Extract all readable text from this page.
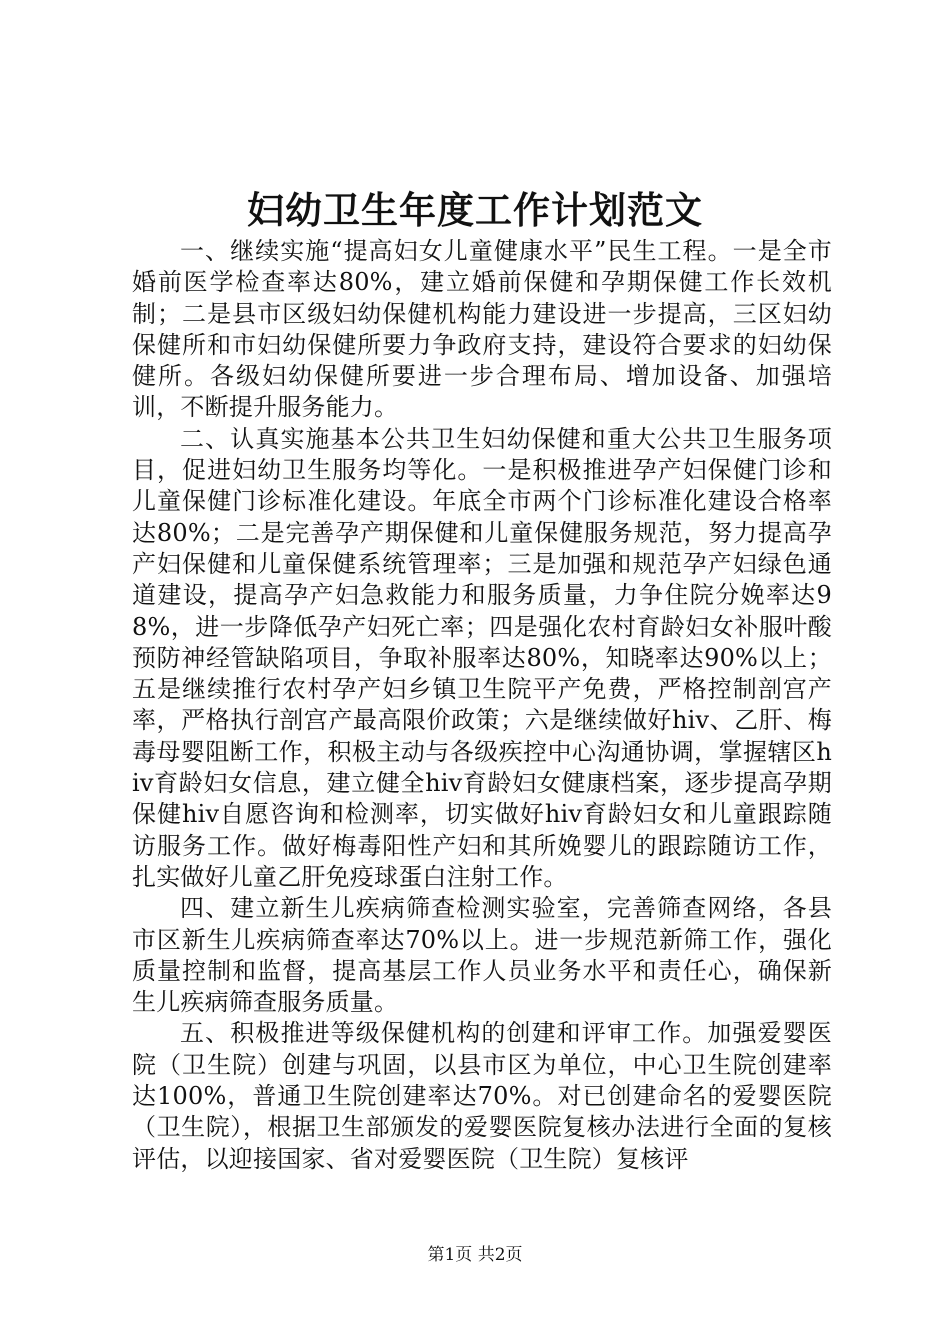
妇幼卫生年度工作计划范文

一、继续实施“提高妇女儿童健康水平”民生工程。一是全市婚前医学检查率达80%，建立婚前保健和孕期保健工作长效机制；二是县市区级妇幼保健机构能力建设进一步提高，三区妇幼保健所和市妇幼保健所要力争政府支持，建设符合要求的妇幼保健所。各级妇幼保健所要进一步合理布局、增加设备、加强培训，不断提升服务能力。

二、认真实施基本公共卫生妇幼保健和重大公共卫生服务项目，促进妇幼卫生服务均等化。一是积极推进孕产妇保健门诊和儿童保健门诊标准化建设。年底全市两个门诊标准化建设合格率达80%；二是完善孕产期保健和儿童保健服务规范，努力提高孕产妇保健和儿童保健系统管理率；三是加强和规范孕产妇绿色通道建设，提高孕产妇急救能力和服务质量，力争住院分娩率达98%，进一步降低孕产妇死亡率；四是强化农村育龄妇女补服叶酸预防神经管缺陷项目，争取补服率达80%，知晓率达90%以上；五是继续推行农村孕产妇乡镇卫生院平产免费，严格控制剖宫产率，严格执行剖宫产最高限价政策；六是继续做好hiv、乙肝、梅毒母婴阻断工作，积极主动与各级疾控中心沟通协调，掌握辖区hiv育龄妇女信息，建立健全hiv育龄妇女健康档案，逐步提高孕期保健hiv自愿咨询和检测率，切实做好hiv育龄妇女和儿童跟踪随访服务工作。做好梅毒阳性产妇和其所娩婴儿的跟踪随访工作，扎实做好儿童乙肝免疫球蛋白注射工作。

四、建立新生儿疾病筛查检测实验室，完善筛查网络，各县市区新生儿疾病筛查率达70%以上。进一步规范新筛工作，强化质量控制和监督，提高基层工作人员业务水平和责任心，确保新生儿疾病筛查服务质量。

五、积极推进等级保健机构的创建和评审工作。加强爱婴医院（卫生院）创建与巩固，以县市区为单位，中心卫生院创建率达100%，普通卫生院创建率达70%。对已创建命名的爱婴医院（卫生院），根据卫生部颁发的爱婴医院复核办法进行全面的复核评估，以迎接国家、省对爱婴医院（卫生院）复核评

第1页 共2页
